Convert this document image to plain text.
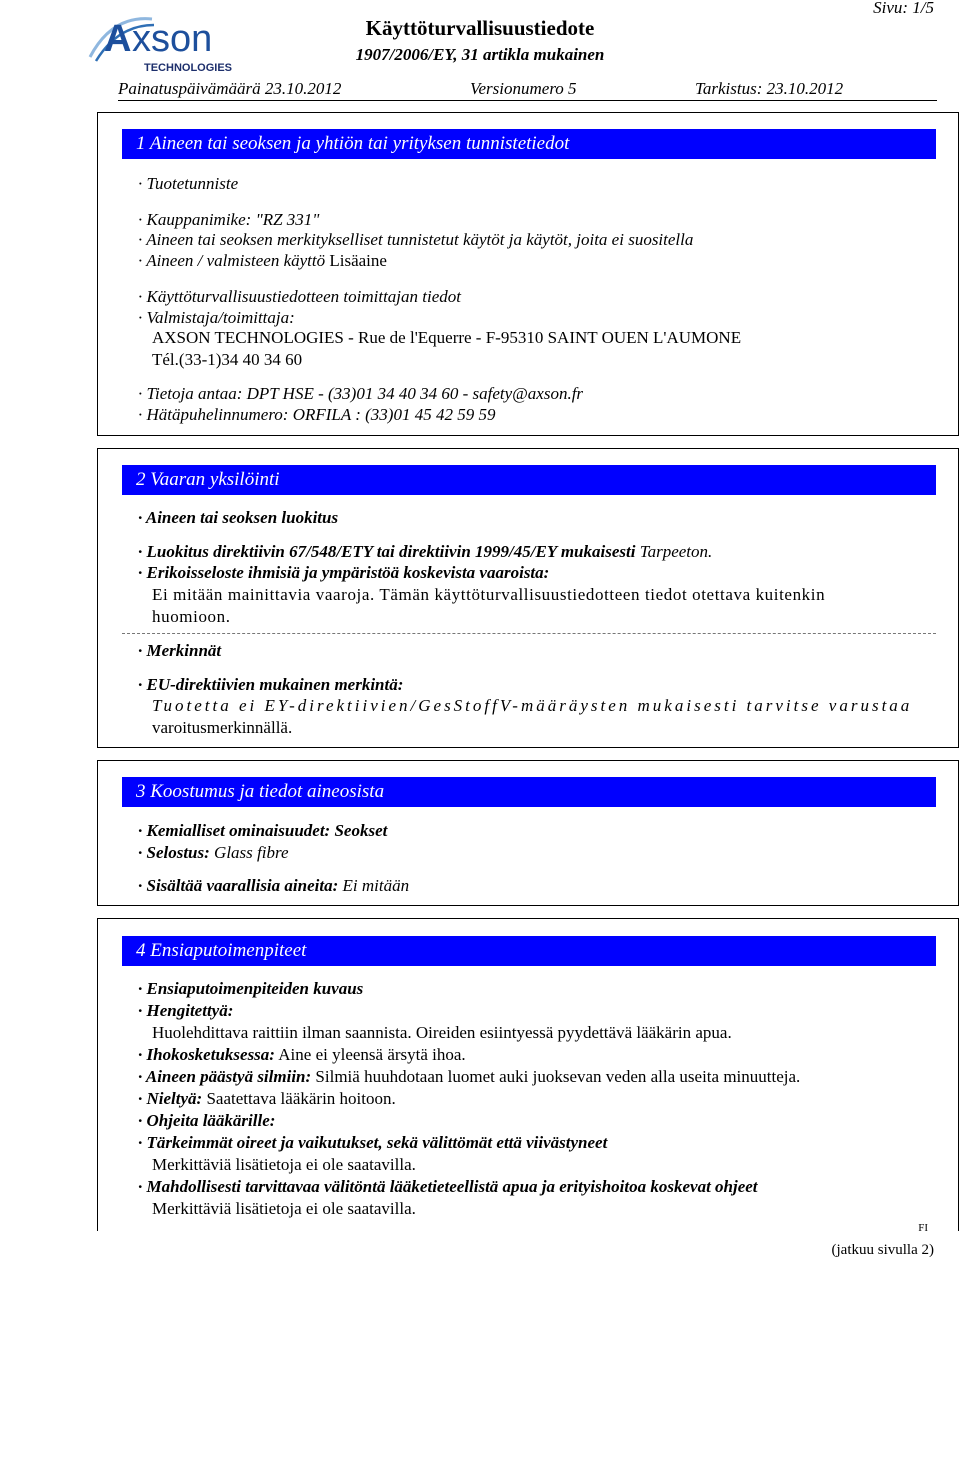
A xson
TECHNOLOGIES
Käyttöturvallisuustiedote
1907/2006/EY, 31 artikla mukainen
Sivu: 1/5
Painatuspäivämäärä 23.10.2012	Versionumero 5	Tarkistus: 23.10.2012
1 Aineen tai seoksen ja yhtiön tai yrityksen tunnistetiedot
· Tuotetunniste
· Kauppanimike: "RZ 331"
· Aineen tai seoksen merkitykselliset tunnistetut käytöt ja käytöt, joita ei suositella
· Aineen / valmisteen käyttö Lisäaine
· Käyttöturvallisuustiedotteen toimittajan tiedot
· Valmistaja/toimittaja:
AXSON TECHNOLOGIES - Rue de l'Equerre - F-95310 SAINT OUEN L'AUMONE
Tél.(33-1)34 40 34 60
· Tietoja antaa: DPT HSE - (33)01 34 40 34 60 - safety@axson.fr
· Hätäpuhelinnumero: ORFILA : (33)01 45 42 59 59
2 Vaaran yksilöinti
· Aineen tai seoksen luokitus
· Luokitus direktiivin 67/548/ETY tai direktiivin 1999/45/EY mukaisesti Tarpeeton.
· Erikoisseloste ihmisiä ja ympäristöä koskevista vaaroista:
Ei mitään mainittavia vaaroja. Tämän käyttöturvallisuustiedotteen tiedot otettava kuitenkin
huomioon.
· Merkinnät
· EU-direktiivien mukainen merkintä:
Tuotetta ei EY-direktiivien/GesStoffV-määräysten mukaisesti tarvitse varustaa
varoitusmerkinnällä.
3 Koostumus ja tiedot aineosista
· Kemialliset ominaisuudet: Seokset
· Selostus: Glass fibre
· Sisältää vaarallisia aineita: Ei mitään
4 Ensiaputoimenpiteet
· Ensiaputoimenpiteiden kuvaus
· Hengitettyä:
Huolehdittava raittiin ilman saannista. Oireiden esiintyessä pyydettävä lääkärin apua.
· Ihokosketuksessa: Aine ei yleensä ärsytä ihoa.
· Aineen päästyä silmiin: Silmiä huuhdotaan luomet auki juoksevan veden alla useita minuutteja.
· Nieltyä: Saatettava lääkärin hoitoon.
· Ohjeita lääkärille:
· Tärkeimmät oireet ja vaikutukset, sekä välittömät että viivästyneet
Merkittäviä lisätietoja ei ole saatavilla.
· Mahdollisesti tarvittavaa välitöntä lääketieteellistä apua ja erityishoitoa koskevat ohjeet
Merkittäviä lisätietoja ei ole saatavilla.
FI
(jatkuu sivulla 2)
